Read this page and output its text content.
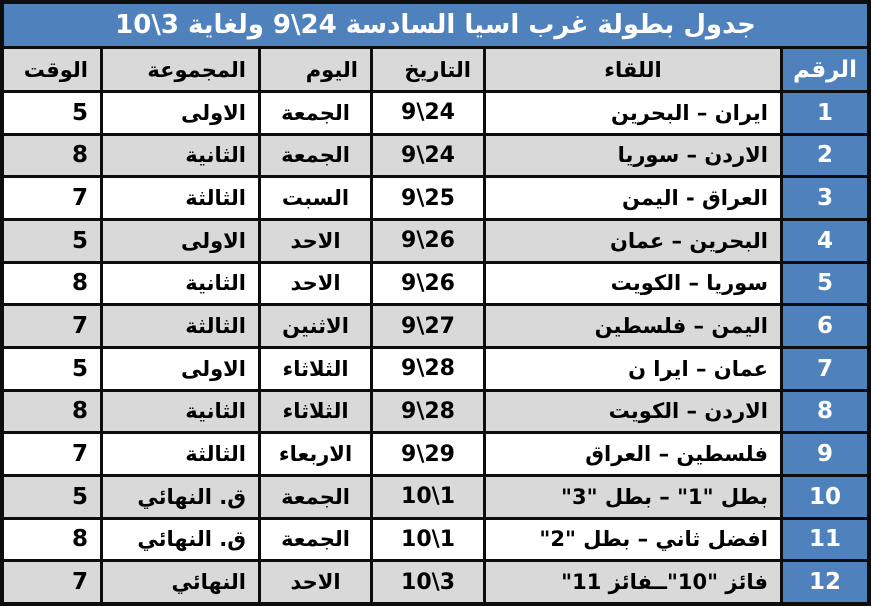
جدول بطولة غرب اسيا السادسة 24\9 ولغاية 3\10
الرقم
اللقاء
التاريخ
اليوم
المجموعة
الوقت
1
ايران – البحرين
24\9
الجمعة
الاولى
5
2
الاردن – سوريا
24\9
الجمعة
الثانية
8
3
العراق - اليمن
25\9
السبت
الثالثة
7
4
البحرين – عمان
26\9
الاحد
الاولى
5
5
سوريا – الكويت
26\9
الاحد
الثانية
8
6
اليمن – فلسطين
27\9
الاثنين
الثالثة
7
7
عمان – ايرا ن
28\9
الثلاثاء
الاولى
5
8
الاردن – الكويت
28\9
الثلاثاء
الثانية
8
9
فلسطين – العراق
29\9
الاربعاء
الثالثة
7
10
بطل "1" – بطل "3"
1\10
الجمعة
ق. النهائي
5
11
افضل ثاني – بطل "2"
1\10
الجمعة
ق. النهائي
8
12
فائز "10"ــفائز 11"
3\10
الاحد
النهائي
7
